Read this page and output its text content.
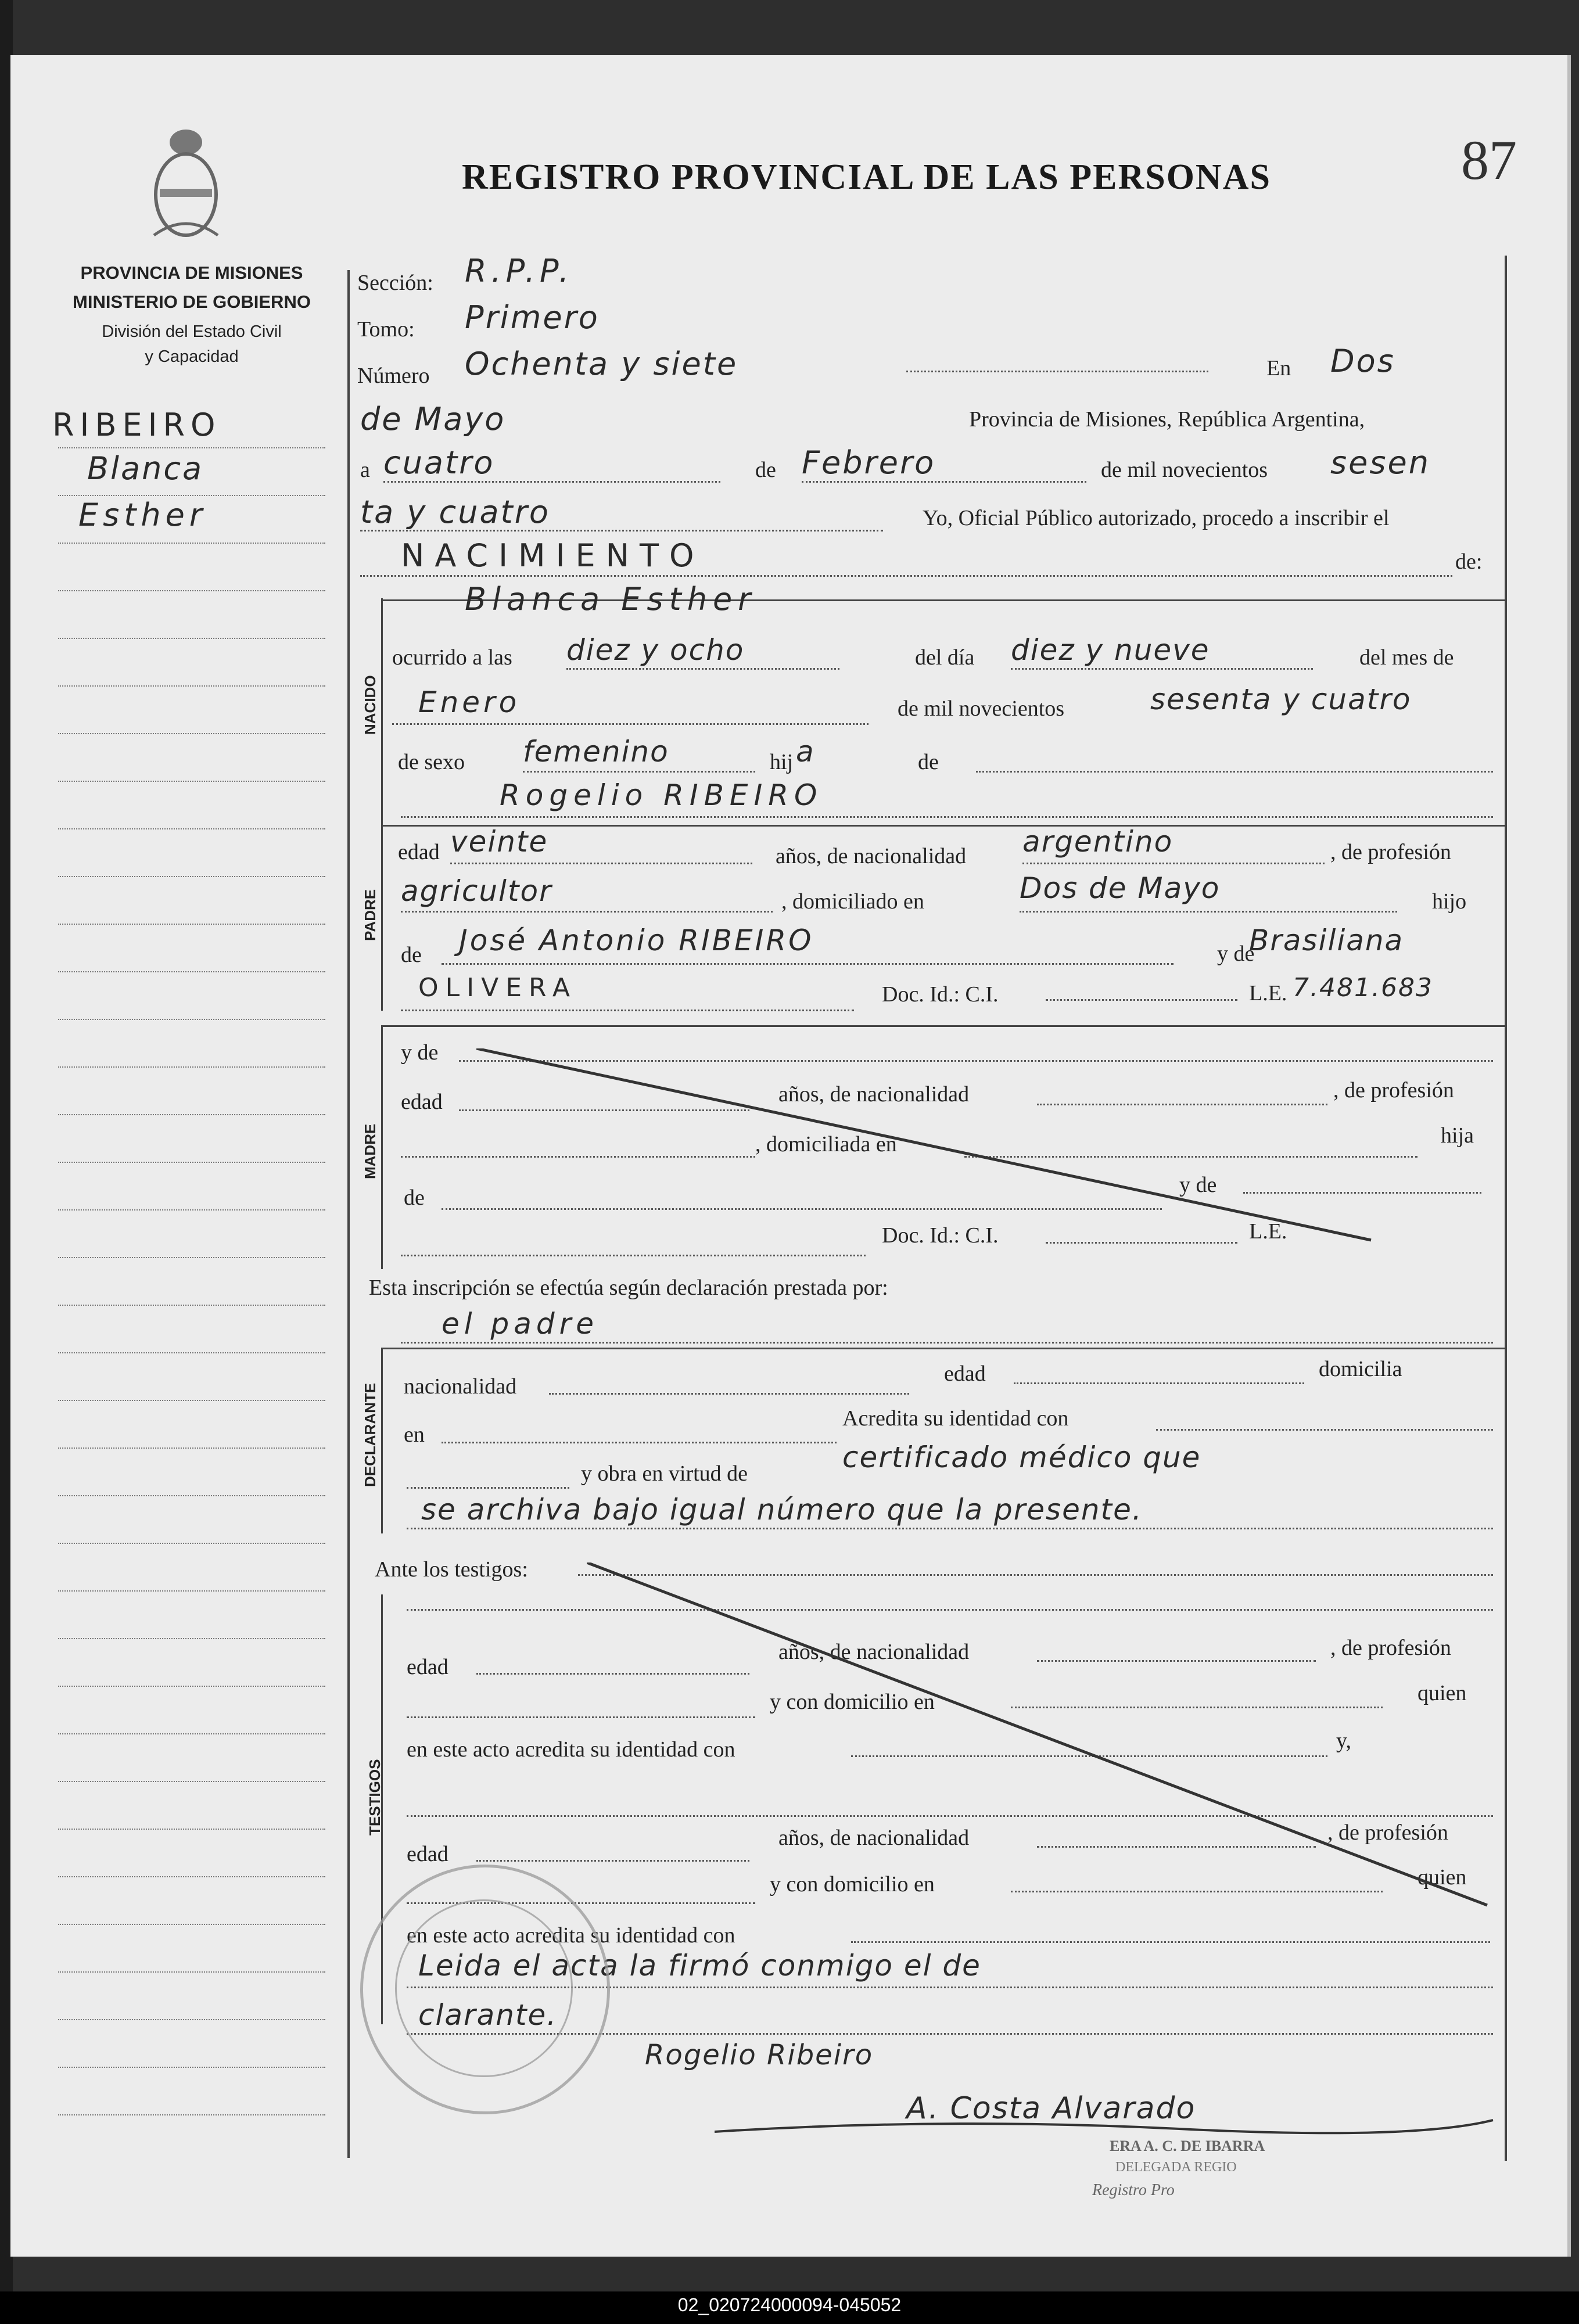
REGISTRO PROVINCIAL DE LAS PERSONAS	87
PROVINCIA DE MISIONES
MINISTERIO DE GOBIERNO
División del Estado Civil
y Capacidad
RIBEIRO
Blanca
Esther
Sección: R.P.P.
Tomo: Primero
Número Ochenta y siete	En Dos
de Mayo	Provincia de Misiones, República Argentina,
a cuatro	de Febrero	de mil novecientos sesen
ta y cuatro	Yo, Oficial Público autorizado, procedo a inscribir el
NACIMIENTO	de:
NACIDO
Blanca Esther
ocurrido a las diez y ocho	del día diez y nueve	del mes de
Enero	de mil novecientos	sesenta y cuatro
de sexo femenino	hij a	de
Rogelio RIBEIRO
PADRE
edad veinte	años, de nacionalidad argentino	, de profesión
agricultor	, domiciliado en	Dos de Mayo	hijo
de José Antonio RIBEIRO	y de
Brasiliana
OLIVERA	Doc. Id.: C.I.	L.E. 7.481.683
MADRE
y de
edad	años, de nacionalidad	, de profesión
, domiciliada en	hija
de
y de
Doc. Id.: C.I.	L.E.
Esta inscripción se efectúa según declaración prestada por:
el padre
DECLARANTE nacionalidad
edad	domicilia
en
Acredita su identidad con
y obra en virtud de	certificado médico que
se archiva bajo igual número que la presente.
Ante los testigos:
TESTIGOS
edad
años, de nacionalidad	, de profesión
y con domicilio en	quien
en este acto acredita su identidad con	y,
edad
años, de nacionalidad	, de profesión
y con domicilio en	quien
en este acto acredita su identidad con
Leida el acta la firmó conmigo el de
clarante.
Rogelio Ribeiro
A. Costa Alvarado
ERA A. C. DE IBARRA
DELEGADA REGIO
Registro Pro
02_020724000094-045052
